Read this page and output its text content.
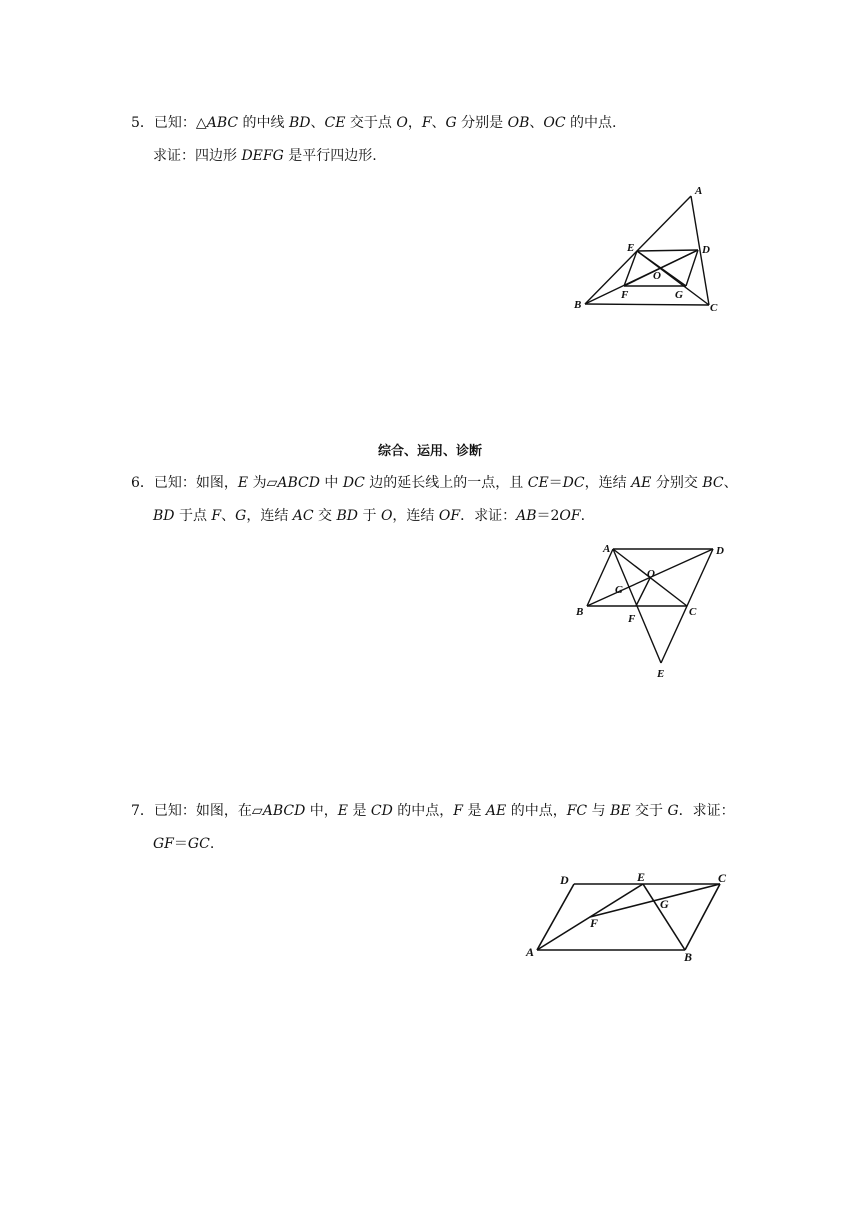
5．已知：△ABC 的中线 BD、CE 交于点 O，F、G 分别是 OB、OC 的中点.
求证：四边形 DEFG 是平行四边形.
A
B	C
D
E
F	G
O
综合、运用、诊断
6．已知：如图，E 为▱ABCD 中 DC 边的延长线上的一点，且 CE＝DC，连结 AE 分别交 BC、
BD 于点 F、G，连结 AC 交 BD 于 O，连结 OF．求证：AB＝2OF.
A
B	C
D
E
F
G
O
7．已知：如图，在▱ABCD 中，E 是 CD 的中点，F 是 AE 的中点，FC 与 BE 交于 G．求证：
GF＝GC.
D	E	C
G
F
A	B
